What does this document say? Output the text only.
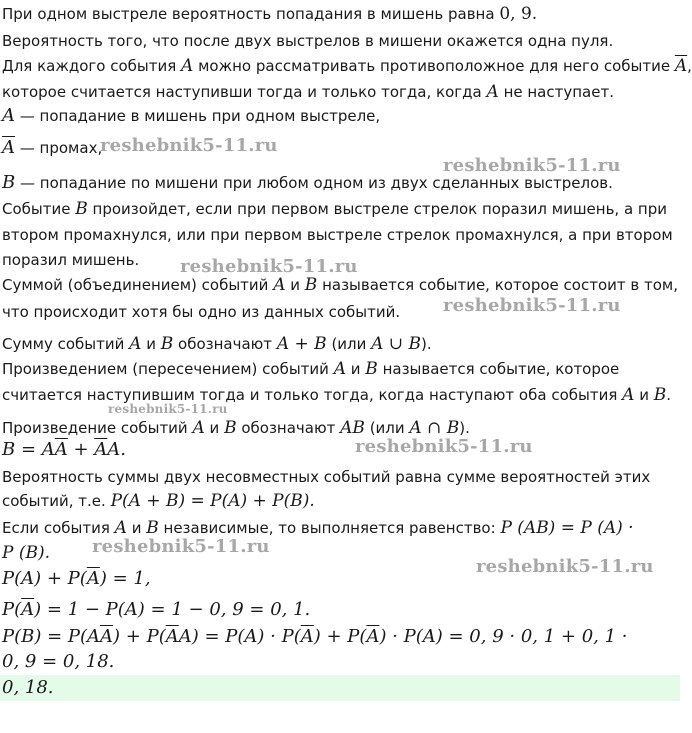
При одном выстреле вероятность попадания в мишень равна 0, 9.
Вероятность того, что после двух выстрелов в мишени окажется одна пуля.
Для каждого события A можно рассматривать противоположное для него событие $\overline{A}$,
которое считается наступивши тогда и только тогда, когда A не наступает.
A — попадание в мишень при одном выстреле,
$\overline{A}$ — промах,
B — попадание по мишени при любом одном из двух сделанных выстрелов.
Событие B произойдет, если при первом выстреле стрелок поразил мишень, а при
втором промахнулся, или при первом выстреле стрелок промахнулся, а при втором
поразил мишень.
Суммой (объединением) событий A и B называется событие, которое состоит в том,
что происходит хотя бы одно из данных событий.
Сумму событий A и B обозначают A + B (или A ∪ B).
Произведением (пересечением) событий A и B называется событие, которое
считается наступившим тогда и только тогда, когда наступают оба события A и B.
Произведение событий A и B обозначают AB (или A ∩ B).
$B = A\overline{A} + \overline{A}A$.
Вероятность суммы двух несовместных событий равна сумме вероятностей этих
событий, т.е. P(A + B) = P(A) + P(B).
Если события A и B независимые, то выполняется равенство: P (AB) = P (A) ·
P (B).
$P(A) + P(\overline{A}) = 1$,
$P(\overline{A}) = 1 - P(A) = 1 - 0$, 9 = 0, 1.
$P(B) = P(A\overline{A}) + P(\overline{A}A) = P(A) \cdot P(\overline{A}) + P(\overline{A}) \cdot P(A) = 0$, 9 · 0, 1 + 0, 1 ·
0, 9 = 0, 18.
0, 18.
reshebnik5-11.ru
reshebnik5-11.ru
reshebnik5-11.ru
reshebnik5-11.ru
reshebnik5-11.ru
reshebnik5-11.ru
reshebnik5-11.ru
reshebnik5-11.ru
